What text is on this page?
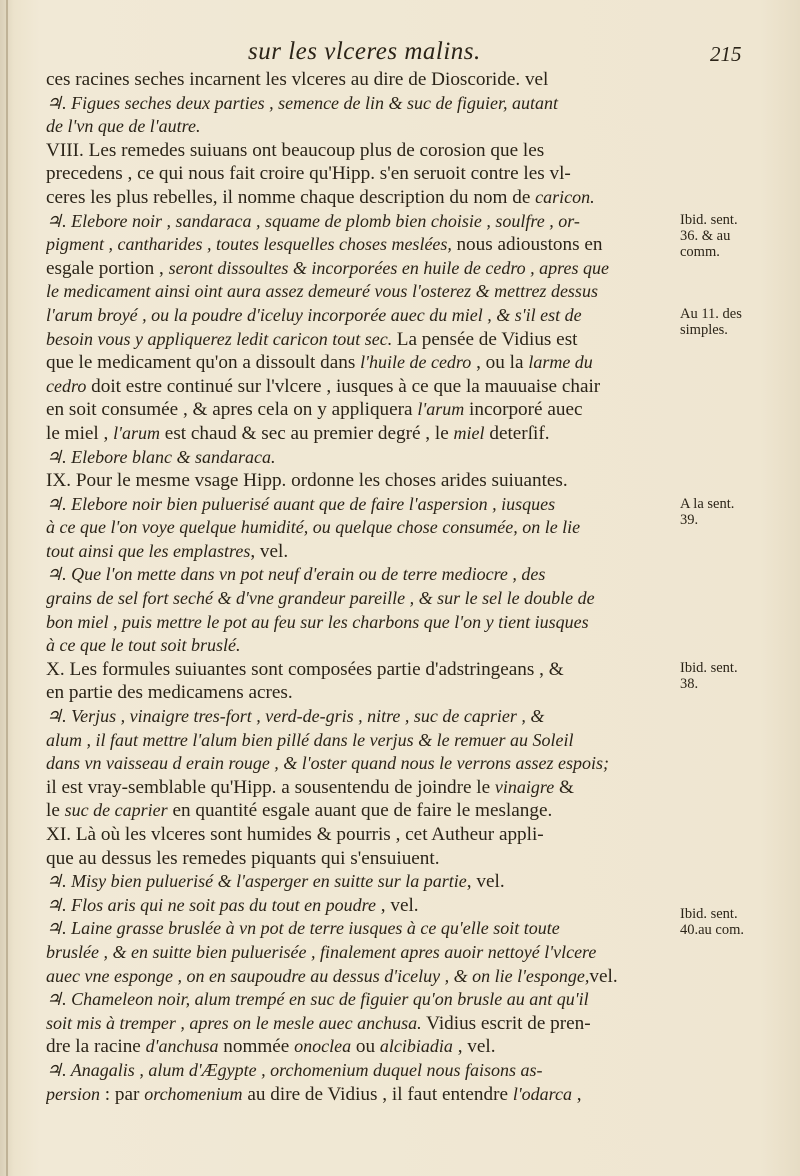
sur les vlceres malins.	215
ces racines seches incarnent les vlceres au dire de Dioscoride. vel
♃. Figues seches deux parties , semence de lin & suc de figuier, autant
de l'vn que de l'autre.
VIII. Les remedes suiuans ont beaucoup plus de corosion que les
precedens , ce qui nous fait croire qu'Hipp. s'en seruoit contre les vl-
ceres les plus rebelles, il nomme chaque description du nom de caricon.
♃. Elebore noir , sandaraca , squame de plomb bien choisie , soulfre , or-
pigment , cantharides , toutes lesquelles choses meslées, nous adioustons en
esgale portion , seront dissoultes & incorporées en huile de cedro , apres que
le medicament ainsi oint aura assez demeuré vous l'osterez & mettrez dessus
l'arum broyé , ou la poudre d'iceluy incorporée auec du miel , & s'il est de
besoin vous y appliquerez ledit caricon tout sec. La pensée de Vidius est
que le medicament qu'on a dissoult dans l'huile de cedro , ou la larme du
cedro doit estre continué sur l'vlcere , iusques à ce que la mauuaise chair
en soit consumée , & apres cela on y appliquera l'arum incorporé auec
le miel , l'arum est chaud & sec au premier degré , le miel deterſif.
♃. Elebore blanc & sandaraca.
IX. Pour le mesme vsage Hipp. ordonne les choses arides suiuantes.
♃. Elebore noir bien puluerisé auant que de faire l'aspersion , iusques
à ce que l'on voye quelque humidité, ou quelque chose consumée, on le lie
tout ainsi que les emplastres, vel.
♃. Que l'on mette dans vn pot neuf d'erain ou de terre mediocre , des
grains de sel fort seché & d'vne grandeur pareille , & sur le sel le double de
bon miel , puis mettre le pot au feu sur les charbons que l'on y tient iusques
à ce que le tout soit bruslé.
X. Les formules suiuantes sont composées partie d'adstringeans , &
en partie des medicamens acres.
♃. Verjus , vinaigre tres-fort , verd-de-gris , nitre , suc de caprier , &
alum , il faut mettre l'alum bien pillé dans le verjus & le remuer au Soleil
dans vn vaisseau d erain rouge , & l'oster quand nous le verrons assez espois;
il est vray-semblable qu'Hipp. a sousentendu de joindre le vinaigre &
le suc de caprier en quantité esgale auant que de faire le meslange.
XI. Là où les vlceres sont humides & pourris , cet Autheur appli-
que au dessus les remedes piquants qui s'ensuiuent.
♃. Misy bien puluerisé & l'asperger en suitte sur la partie, vel.
♃. Flos aris qui ne soit pas du tout en poudre , vel.
♃. Laine grasse bruslée à vn pot de terre iusques à ce qu'elle soit toute
bruslée , & en suitte bien puluerisée , finalement apres auoir nettoyé l'vlcere
auec vne esponge , on en saupoudre au dessus d'iceluy , & on lie l'esponge,vel.
♃. Chameleon noir, alum trempé en suc de figuier qu'on brusle au ant qu'il
soit mis à tremper , apres on le mesle auec anchusa. Vidius escrit de pren-
dre la racine d'anchusa nommée onoclea ou alcibiadia , vel.
♃. Anagalis , alum d'Ægypte , orchomenium duquel nous faisons as-
persion : par orchomenium au dire de Vidius , il faut entendre l'odarca ,
Ibid. sent.
36. & au
comm.
Au 11. des
simples.
A la sent.
39.
Ibid. sent.
38.
Ibid. sent.
40.au com.
